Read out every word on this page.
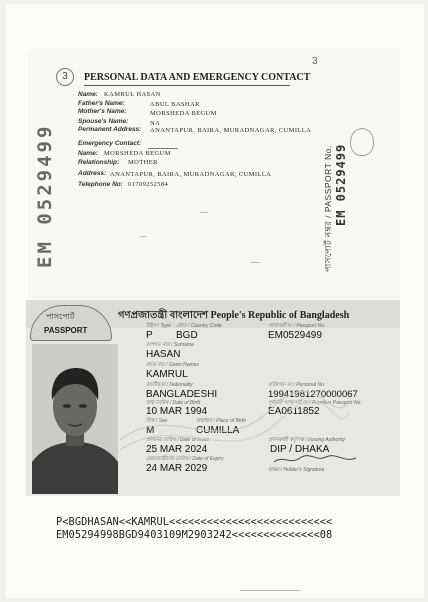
EM 0529499
3
3
PERSONAL DATA AND EMERGENCY CONTACT
Name: KAMRUL HASAN
Father's Name:	ABUL BASHAR
Mother's Name:	MORSHEDA BEGUM
Spouse's Name:	NA
Permanent Address: ANANTAPUR, BAIRA, MURADNAGAR, CUMILLA
Emergency Contact:
Name: MORSHEDA BEGUM
Relationship: MOTHER
Address: ANANTAPUR, BAIRA, MURADNAGAR, CUMILLA
Telephone No: 01709252584	পাসপোর্ট নম্বর / PASSPORT No. EM 0529499
পাসপোর্ট
PASSPORT
গণপ্রজাতন্ত্রী বাংলাদেশ People's Republic of Bangladesh
টাইপ / Type
P
কোড / Country Code
BGD
পাসপোর্ট নং / Passport No.
EM0529499
বংশগত নাম / Surname
HASAN
প্রদত্ত নাম / Given Names
KAMRUL
জাতীয়তা / Nationality
BANGLADESHI
ব্যক্তিগত নং / Personal No.
19941981270000067
জন্ম তারিখ / Date of Birth
10 MAR 1994
পূর্ববর্তী পাসপোর্ট নং / Previous Passport No.
EA0611852
লিঙ্গ / Sex
M
জন্মস্থান / Place of Birth
CUMILLA
প্রদানের তারিখ / Date of Issue
25 MAR 2024
প্রদানকারী কর্তৃপক্ষ / Issuing Authority
DIP / DHAKA
মেয়াদোত্তীর্ণের তারিখ / Date of Expiry
24 MAR 2029	স্বাক্ষর / Holder's Signature
P<BGDHASAN<<KAMRUL<<<<<<<<<<<<<<<<<<<<<<<<<<
EM05294998BGD9403109M2903242<<<<<<<<<<<<<<08
